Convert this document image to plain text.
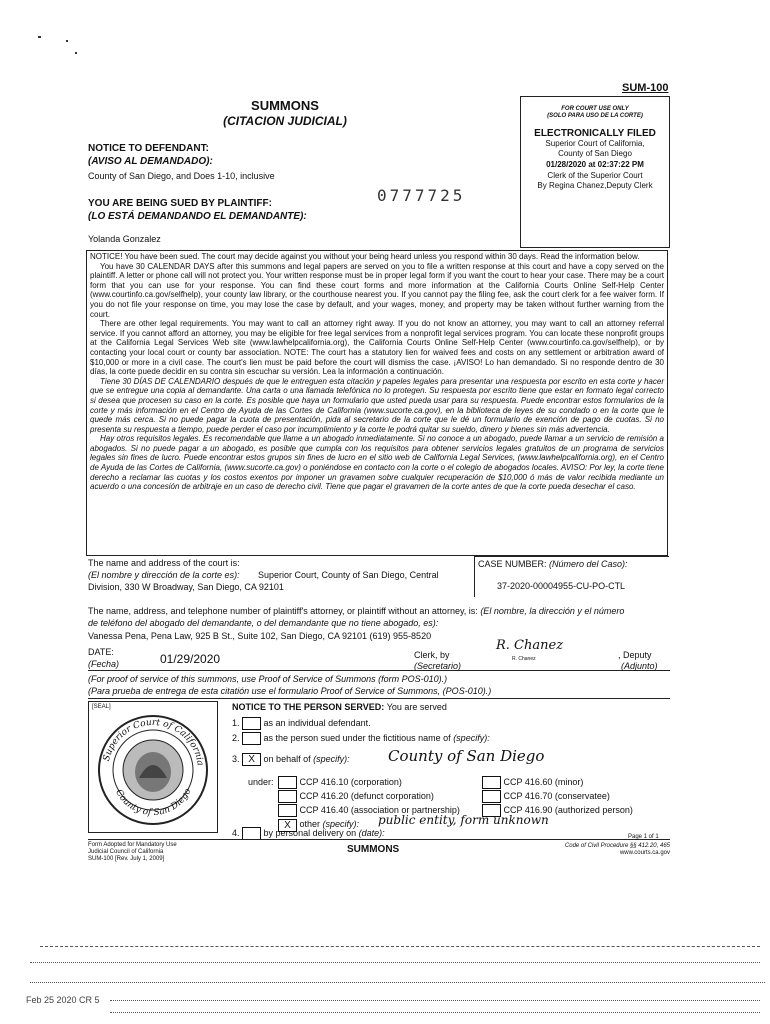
SUM-100
SUMMONS
(CITACION JUDICIAL)
FOR COURT USE ONLY
(SOLO PARA USO DE LA CORTE)
ELECTRONICALLY FILED
Superior Court of California,
County of San Diego
01/28/2020 at 02:37:22 PM
Clerk of the Superior Court
By Regina Chanez,Deputy Clerk
NOTICE TO DEFENDANT:
(AVISO AL DEMANDADO):
County of San Diego, and Does 1-10, inclusive
0777725
YOU ARE BEING SUED BY PLAINTIFF:
(LO ESTÁ DEMANDANDO EL DEMANDANTE):
Yolanda Gonzalez

NOTICE! You have been sued. The court may decide against you without your being heard unless you respond within 30 days. Read the information below.

You have 30 CALENDAR DAYS after this summons and legal papers are served on you to file a written response at this court and have a copy served on the plaintiff. A letter or phone call will not protect you. Your written response must be in proper legal form if you want the court to hear your case. There may be a court form that you can use for your response. You can find these court forms and more information at the California Courts Online Self-Help Center (www.courtinfo.ca.gov/selfhelp), your county law library, or the courthouse nearest you. If you cannot pay the filing fee, ask the court clerk for a fee waiver form. If you do not file your response on time, you may lose the case by default, and your wages, money, and property may be taken without further warning from the court.

There are other legal requirements. You may want to call an attorney right away. If you do not know an attorney, you may want to call an attorney referral service. If you cannot afford an attorney, you may be eligible for free legal services from a nonprofit legal services program. You can locate these nonprofit groups at the California Legal Services Web site (www.lawhelpcalifornia.org), the California Courts Online Self-Help Center (www.courtinfo.ca.gov/selfhelp), or by contacting your local court or county bar association. NOTE: The court has a statutory lien for waived fees and costs on any settlement or arbitration award of $10,000 or more in a civil case. The court's lien must be paid before the court will dismiss the case. ¡AVISO! Lo han demandado. Si no responde dentro de 30 días, la corte puede decidir en su contra sin escuchar su versión. Lea la información a continuación.

Tiene 30 DÍAS DE CALENDARIO después de que le entreguen esta citación y papeles legales para presentar una respuesta por escrito en esta corte y hacer que se entregue una copia al demandante. Una carta o una llamada telefónica no lo protegen. Su respuesta por escrito tiene que estar en formato legal correcto si desea que procesen su caso en la corte. Es posible que haya un formulario que usted pueda usar para su respuesta. Puede encontrar estos formularios de la corte y más información en el Centro de Ayuda de las Cortes de California (www.sucorte.ca.gov), en la biblioteca de leyes de su condado o en la corte que le quede más cerca. Si no puede pagar la cuota de presentación, pida al secretario de la corte que le dé un formulario de exención de pago de cuotas. Si no presenta su respuesta a tiempo, puede perder el caso por incumplimiento y la corte le podrá quitar su sueldo, dinero y bienes sin más advertencia.

Hay otros requisitos legales. Es recomendable que llame a un abogado inmediatamente. Si no conoce a un abogado, puede llamar a un servicio de remisión a abogados. Si no puede pagar a un abogado, es posible que cumpla con los requisitos para obtener servicios legales gratuitos de un programa de servicios legales sin fines de lucro. Puede encontrar estos grupos sin fines de lucro en el sitio web de California Legal Services, (www.lawhelpcalifornia.org), en el Centro de Ayuda de las Cortes de California, (www.sucorte.ca.gov) o poniéndose en contacto con la corte o el colegio de abogados locales. AVISO: Por ley, la corte tiene derecho a reclamar las cuotas y los costos exentos por imponer un gravamen sobre cualquier recuperación de $10,000 ó más de valor recibida mediante un acuerdo o una concesión de arbitraje en un caso de derecho civil. Tiene que pagar el gravamen de la corte antes de que la corte pueda desechar el caso.

The name and address of the court is:
(El nombre y dirección de la corte es): Superior Court, County of San Diego, Central
Division, 330 W Broadway, San Diego, CA 92101
CASE NUMBER: (Número del Caso):
37-2020-00004955-CU-PO-CTL
The name, address, and telephone number of plaintiff's attorney, or plaintiff without an attorney, is: (El nombre, la dirección y el número
de teléfono del abogado del demandante, o del demandante que no tiene abogado, es):
Vanessa Pena, Pena Law, 925 B St., Suite 102, San Diego, CA 92101 (619) 955-8520
DATE:
(Fecha)	01/29/2020	Clerk, by
(Secretario)
R. Chanez
R. Chanez	, Deputy
(Adjunto)
(For proof of service of this summons, use Proof of Service of Summons (form POS-010).)
(Para prueba de entrega de esta citatión use el formulario Proof of Service of Summons, (POS-010).)
[SEAL]
Superior Court of California
County of San Diego
NOTICE TO THE PERSON SERVED: You are served
1.	as an individual defendant.
2.	as the person sued under the fictitious name of (specify):
3. X on behalf of (specify):	County of San Diego
under:	CCP 416.10 (corporation)
CCP 416.20 (defunct corporation)
CCP 416.40 (association or partnership)
X other (specify):	public entity, form unknown
CCP 416.60 (minor)
CCP 416.70 (conservatee)
CCP 416.90 (authorized person)
4.	by personal delivery on (date):
Form Adopted for Mandatory Use
Judicial Council of California
SUM-100 [Rev. July 1, 2009]
SUMMONS
Page 1 of 1
Code of Civil Procedure §§ 412.20, 465
www.courts.ca.gov
Feb 25 2020 CR 5
